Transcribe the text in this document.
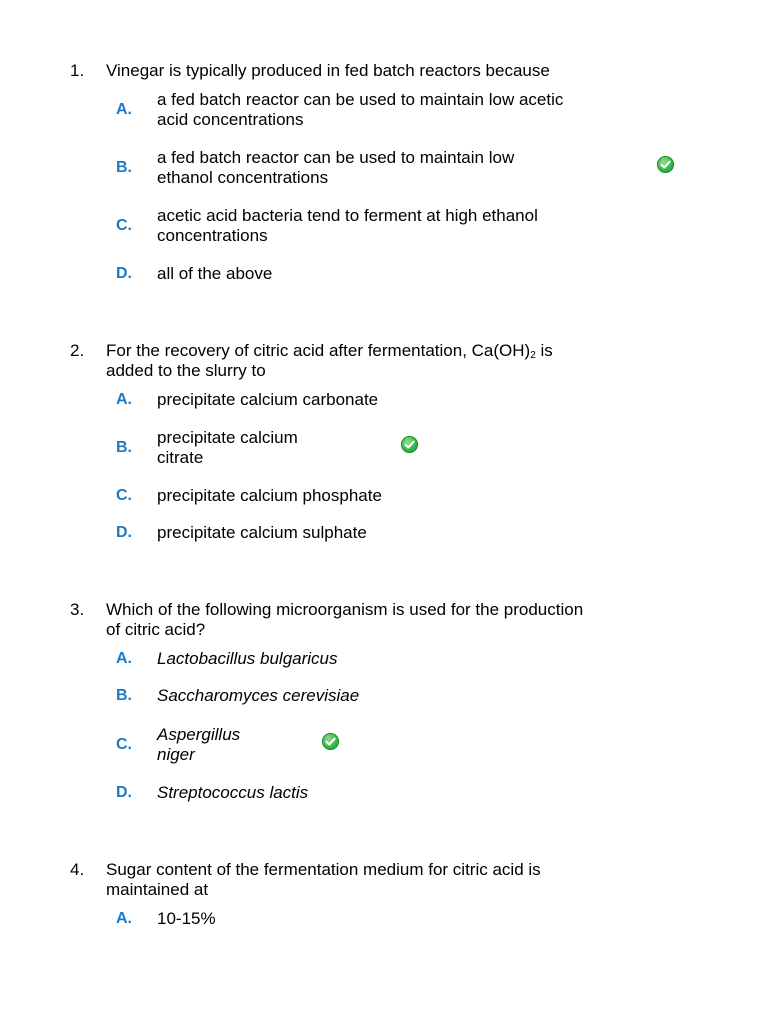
1. Vinegar is typically produced in fed batch reactors because
A.
a fed batch reactor can be used to maintain low acetic
acid concentrations
B.
a fed batch reactor can be used to maintain low
ethanol concentrations
C.
acetic acid bacteria tend to ferment at high ethanol
concentrations
D. all of the above
2. For the recovery of citric acid after fermentation, $Ca(OH)_2$ is
added to the slurry to
A. precipitate calcium carbonate
B.
precipitate calcium
citrate
C. precipitate calcium phosphate
D. precipitate calcium sulphate
3. Which of the following microorganism is used for the production
of citric acid?
A. Lactobacillus bulgaricus
B. Saccharomyces cerevisiae
C.
Aspergillus
niger
D. Streptococcus lactis
4. Sugar content of the fermentation medium for citric acid is
maintained at
A. 10-15%
